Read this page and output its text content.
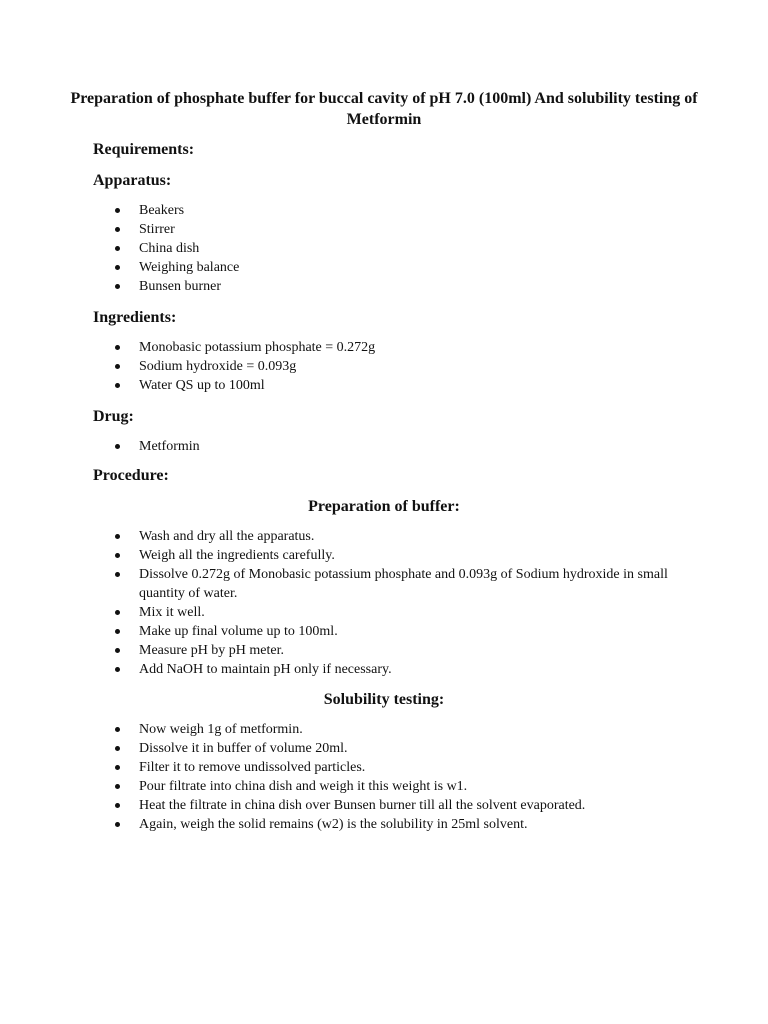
Preparation of phosphate buffer for buccal cavity of pH 7.0 (100ml) And solubility testing of Metformin
Requirements:
Apparatus:
Beakers
Stirrer
China dish
Weighing balance
Bunsen burner
Ingredients:
Monobasic potassium phosphate = 0.272g
Sodium hydroxide = 0.093g
Water QS up to 100ml
Drug:
Metformin
Procedure:
Preparation of buffer:
Wash and dry all the apparatus.
Weigh all the ingredients carefully.
Dissolve 0.272g of Monobasic potassium phosphate and 0.093g of Sodium hydroxide in small quantity of water.
Mix it well.
Make up final volume up to 100ml.
Measure pH by pH meter.
Add NaOH to maintain pH only if necessary.
Solubility testing:
Now weigh 1g of metformin.
Dissolve it in buffer of volume 20ml.
Filter it to remove undissolved particles.
Pour filtrate into china dish and weigh it this weight is w1.
Heat the filtrate in china dish over Bunsen burner till all the solvent evaporated.
Again, weigh the solid remains (w2) is the solubility in 25ml solvent.
